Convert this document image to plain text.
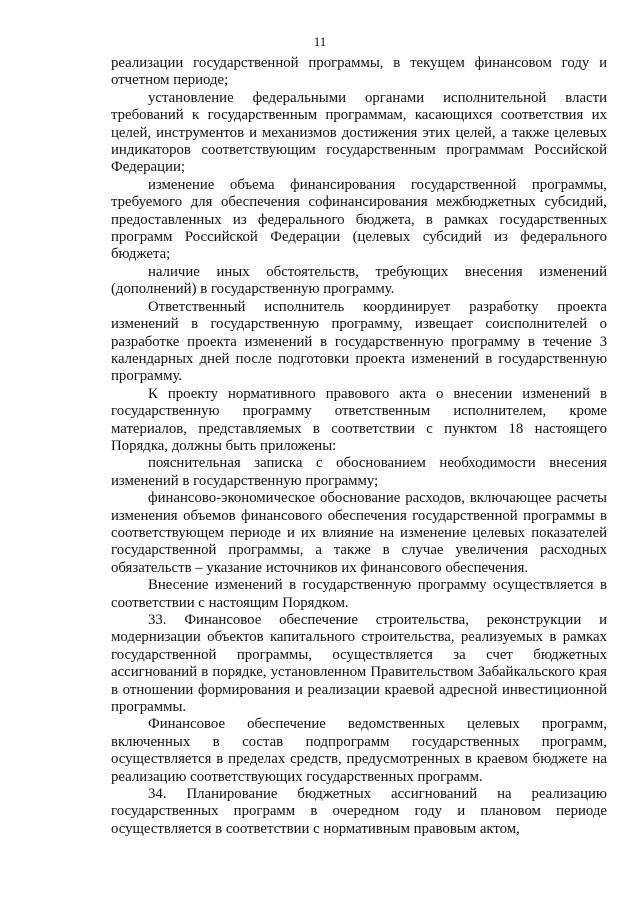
11

реализации государственной программы, в текущем финансовом году и отчетном периоде;

установление федеральными органами исполнительной власти требований к государственным программам, касающихся соответствия их целей, инструментов и механизмов достижения этих целей, а также целевых индикаторов соответствующим государственным программам Российской Федерации;

изменение объема финансирования государственной программы, требуемого для обеспечения софинансирования межбюджетных субсидий, предоставленных из федерального бюджета, в рамках государственных программ Российской Федерации (целевых субсидий из федерального бюджета;

наличие иных обстоятельств, требующих внесения изменений (дополнений) в государственную программу.

Ответственный исполнитель координирует разработку проекта изменений в государственную программу, извещает соисполнителей о разработке проекта изменений в государственную программу в течение 3 календарных дней после подготовки проекта изменений в государственную программу.

К проекту нормативного правового акта о внесении изменений в государственную программу ответственным исполнителем, кроме материалов, представляемых в соответствии с пунктом 18 настоящего Порядка, должны быть приложены:

пояснительная записка с обоснованием необходимости внесения изменений в государственную программу;

финансово-экономическое обоснование расходов, включающее расчеты изменения объемов финансового обеспечения государственной программы в соответствующем периоде и их влияние на изменение целевых показателей государственной программы, а также в случае увеличения расходных обязательств – указание источников их финансового обеспечения.

Внесение изменений в государственную программу осуществляется в соответствии с настоящим Порядком.

33. Финансовое обеспечение строительства, реконструкции и модернизации объектов капитального строительства, реализуемых в рамках государственной программы, осуществляется за счет бюджетных ассигнований в порядке, установленном Правительством Забайкальского края в отношении формирования и реализации краевой адресной инвестиционной программы.

Финансовое обеспечение ведомственных целевых программ, включенных в состав подпрограмм государственных программ, осуществляется в пределах средств, предусмотренных в краевом бюджете на реализацию соответствующих государственных программ.

34. Планирование бюджетных ассигнований на реализацию государственных программ в очередном году и плановом периоде осуществляется в соответствии с нормативным правовым актом,
